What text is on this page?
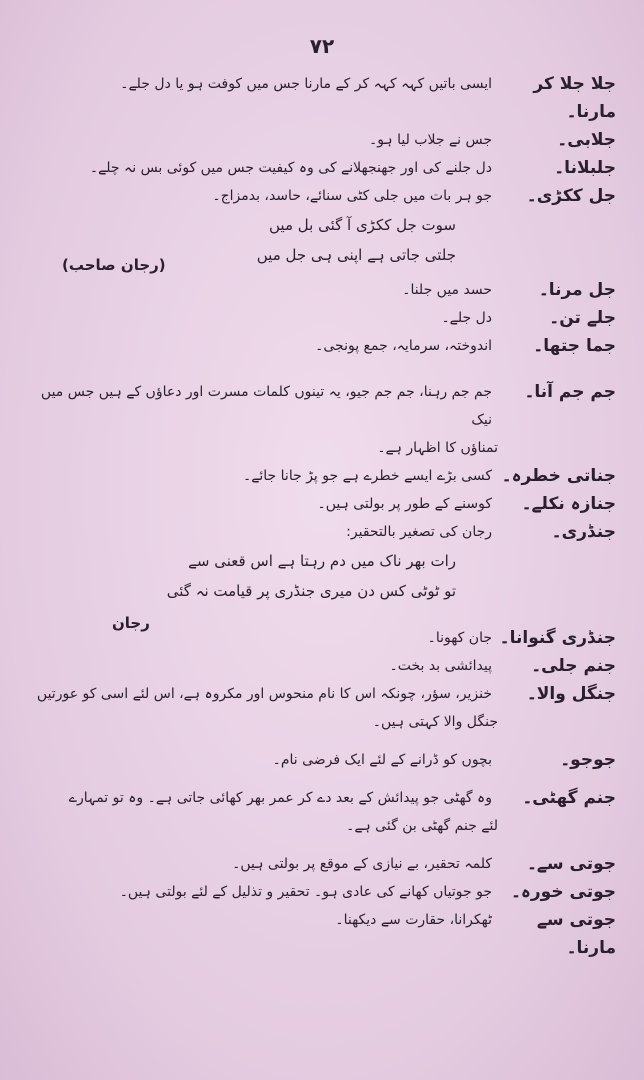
۷۲
جلا جلا کر مارنا۔
ایسی باتیں کہہ کہہ کر کے مارنا جس میں کوفت ہو یا دل جلے۔
جلابی۔
جس نے جلاب لیا ہو۔
جلبلانا۔
دل جلنے کی اور جھنجھلانے کی وہ کیفیت جس میں کوئی بس نہ چلے۔
جل ککڑی۔
جو ہر بات میں جلی کٹی سنائے، حاسد، بدمزاج۔
سوت جل ککڑی آ گئی بل میں
جلتی جاتی ہے اپنی ہی جل میں
(رجان صاحب)
جل مرنا۔
حسد میں جلنا۔
جلے تن۔
دل جلے۔
جما جتھا۔
اندوختہ، سرمایہ، جمع پونجی۔
جم جم آنا۔
جم جم رہنا، جم جم جیو، یہ تینوں کلمات مسرت اور دعاؤں کے ہیں جس میں نیک
تمناؤں کا اظہار ہے۔
جناتی خطرہ۔
کسی بڑے ایسے خطرے ہے جو پڑ جانا جائے۔
جنازہ نکلے۔
کوسنے کے طور پر بولتی ہیں۔
جنڈری۔
رجان کی تصغیر بالتحقیر:
رات بھر ناک میں دم رہتا ہے اس قعنی سے
تو ٹوٹی کس دن میری جنڈری پر قیامت نہ گئی
رجان
جنڈری گنوانا۔
جان کھونا۔
جنم جلی۔
پیدائشی بد بخت۔
جنگل والا۔
خنزیر، سؤر، چونکہ اس کا نام منحوس اور مکروہ ہے، اس لئے اسی کو عورتیں
جنگل والا کہتی ہیں۔
جوجو۔
بچوں کو ڈرانے کے لئے ایک فرضی نام۔
جنم گھٹی۔
وہ گھٹی جو پیدائش کے بعد دے کر عمر بھر کھائی جاتی ہے۔ وہ تو تمہارے
لئے جنم گھٹی بن گئی ہے۔
جوتی سے۔
کلمہ تحقیر، بے نیازی کے موقع پر بولتی ہیں۔
جوتی خورہ۔
جو جوتیاں کھانے کی عادی ہو۔ تحقیر و تذلیل کے لئے بولتی ہیں۔
جوتی سے مارنا۔
ٹھکرانا، حقارت سے دیکھنا۔
